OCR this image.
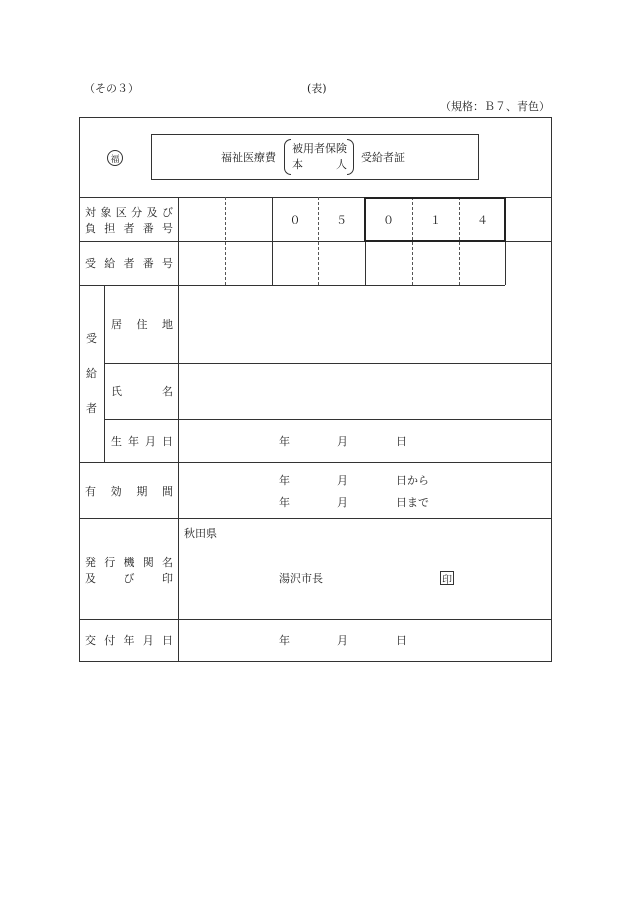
（その３）	(表)
（規格：Ｂ７、青色）
福	福祉医療費
被用者保険
本	人
受給者証
対 象 区 分 及 び
負 担 者 番 号
０	５	０	１	４
受 給 者 番 号
受
給
者
居 住 地
氏	名
生 年 月 日	年	月	日
有 効 期 間
年	月	日から
年	月	日まで
発 行 機 関 名
及	び	印
秋田県
湯沢市長	印
交 付 年 月 日	年	月	日
